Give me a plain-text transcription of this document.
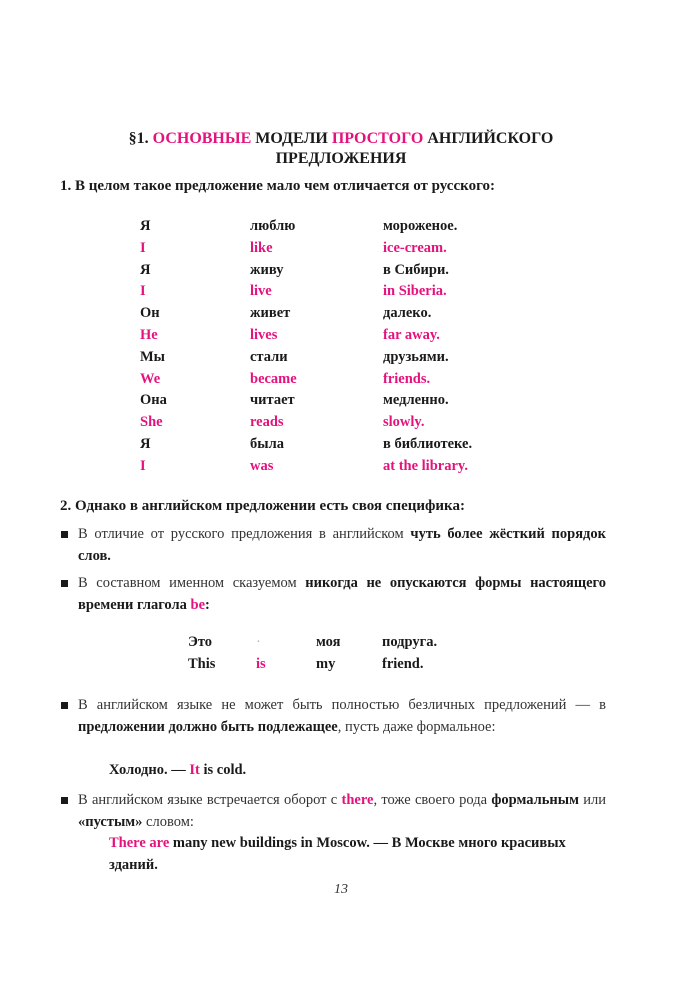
§1. ОСНОВНЫЕ МОДЕЛИ ПРОСТОГО АНГЛИЙСКОГО
ПРЕДЛОЖЕНИЯ
1. В целом такое предложение мало чем отличается от русского:
Я	люблю	мороженое.
I	like	ice-cream.
Я	живу	в Сибири.
I	live	in Siberia.
Он	живет	далеко.
He	lives	far away.
Мы	стали	друзьями.
We	became	friends.
Она	читает	медленно.
She	reads	slowly.
Я	была	в библиотеке.
I	was	at the library.
2. Однако в английском предложении есть своя специфика:
В отличие от русского предложения в английском чуть более жёсткий порядок слов.
В составном именном сказуемом никогда не опускаются формы настоящего времени глагола be:
Это	·	моя	подруга.
This	is	my	friend.
В английском языке не может быть полностью безличных предложений — в предложении должно быть подлежащее, пусть даже формальное:
Холодно. — It is cold.
В английском языке встречается оборот с there, тоже своего рода формальным или «пустым» словом:
There are many new buildings in Moscow. — В Москве много красивых зданий.
13
